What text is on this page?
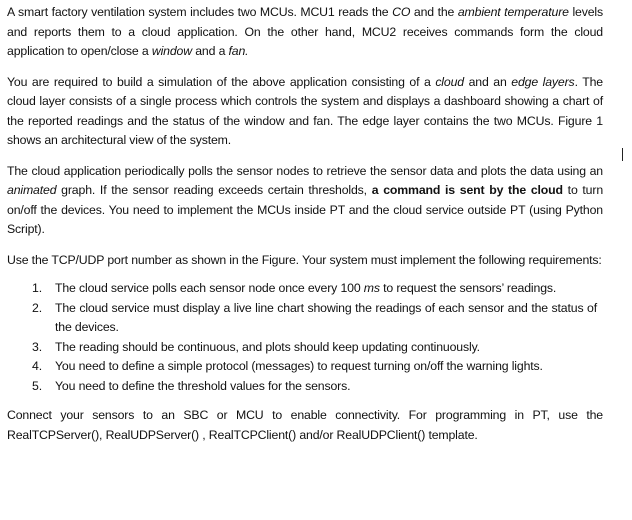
A smart factory ventilation system includes two MCUs. MCU1 reads the CO and the ambient temperature levels and reports them to a cloud application. On the other hand, MCU2 receives commands form the cloud application to open/close a window and a fan.

You are required to build a simulation of the above application consisting of a cloud and an edge layers. The cloud layer consists of a single process which controls the system and displays a dashboard showing a chart of the reported readings and the status of the window and fan. The edge layer contains the two MCUs. Figure 1 shows an architectural view of the system.

The cloud application periodically polls the sensor nodes to retrieve the sensor data and plots the data using an animated graph. If the sensor reading exceeds certain thresholds, a command is sent by the cloud to turn on/off the devices. You need to implement the MCUs inside PT and the cloud service outside PT (using Python Script).

Use the TCP/UDP port number as shown in the Figure. Your system must implement the following requirements:

1. The cloud service polls each sensor node once every 100 ms to request the sensors’ readings.
2. The cloud service must display a live line chart showing the readings of each sensor and the status of the devices.
3. The reading should be continuous, and plots should keep updating continuously.
4. You need to define a simple protocol (messages) to request turning on/off the warning lights.
5. You need to define the threshold values for the sensors.

Connect your sensors to an SBC or MCU to enable connectivity. For programming in PT, use the RealTCPServer(), RealUDPServer() , RealTCPClient() and/or RealUDPClient() template.
